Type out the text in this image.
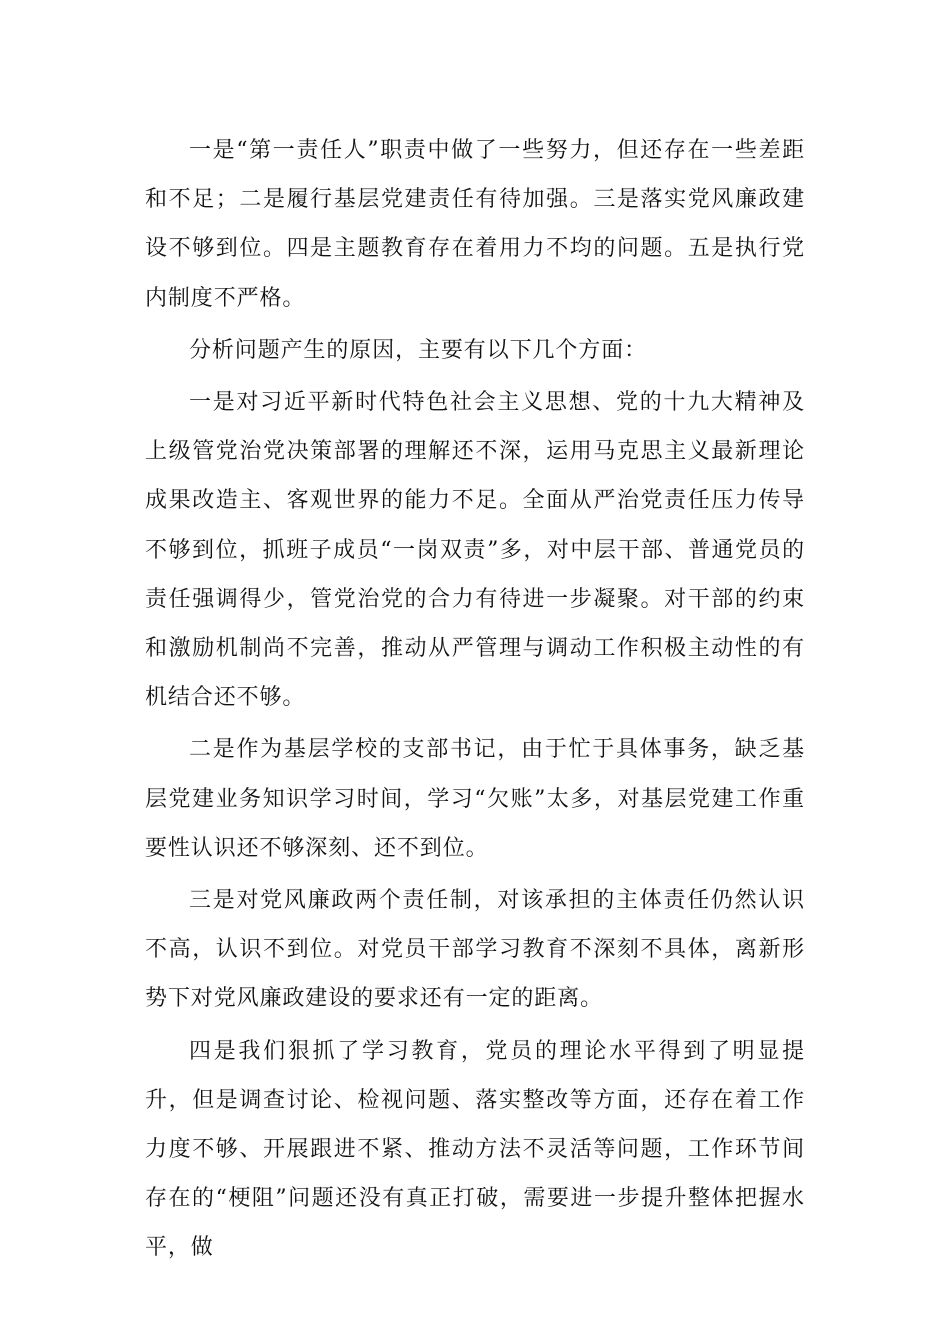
一是“第一责任人”职责中做了一些努力，但还存在一些差距和不足；二是履行基层党建责任有待加强。三是落实党风廉政建设不够到位。四是主题教育存在着用力不均的问题。五是执行党内制度不严格。

分析问题产生的原因，主要有以下几个方面：

一是对习近平新时代特色社会主义思想、党的十九大精神及上级管党治党决策部署的理解还不深，运用马克思主义最新理论成果改造主、客观世界的能力不足。全面从严治党责任压力传导不够到位，抓班子成员“一岗双责”多，对中层干部、普通党员的责任强调得少，管党治党的合力有待进一步凝聚。对干部的约束和激励机制尚不完善，推动从严管理与调动工作积极主动性的有机结合还不够。

二是作为基层学校的支部书记，由于忙于具体事务，缺乏基层党建业务知识学习时间，学习“欠账”太多，对基层党建工作重要性认识还不够深刻、还不到位。

三是对党风廉政两个责任制，对该承担的主体责任仍然认识不高，认识不到位。对党员干部学习教育不深刻不具体，离新形势下对党风廉政建设的要求还有一定的距离。

四是我们狠抓了学习教育，党员的理论水平得到了明显提升，但是调查讨论、检视问题、落实整改等方面，还存在着工作力度不够、开展跟进不紧、推动方法不灵活等问题，工作环节间存在的“梗阻”问题还没有真正打破，需要进一步提升整体把握水平，做
